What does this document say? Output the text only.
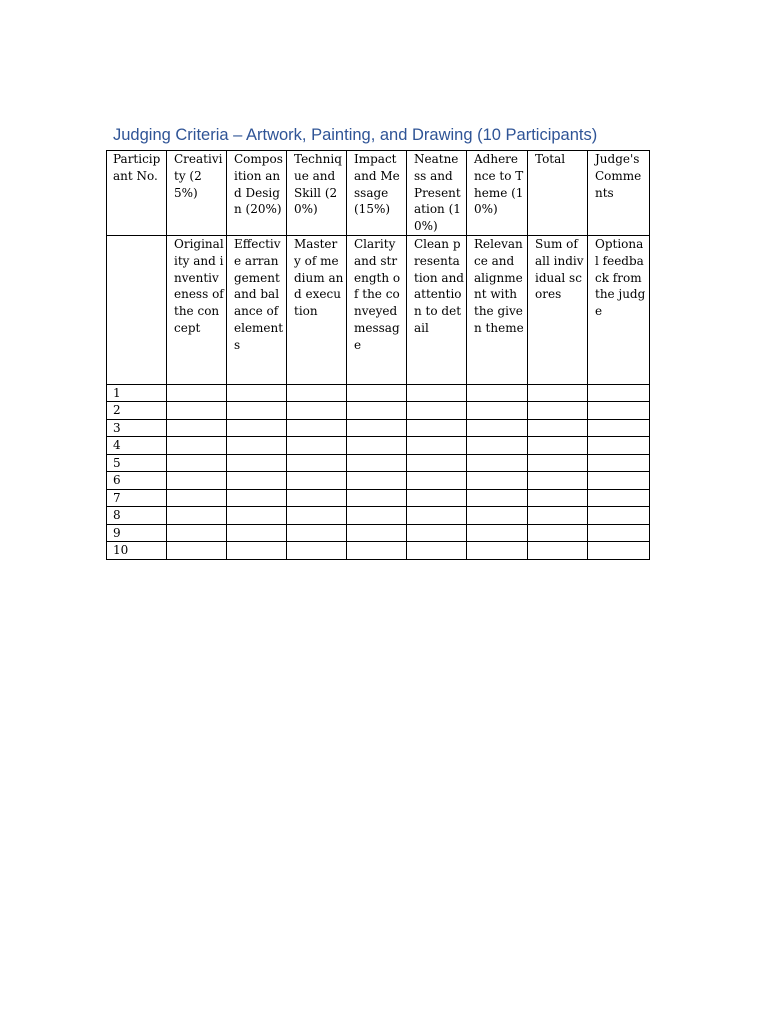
Judging Criteria – Artwork, Painting, and Drawing (10 Participants)
Participant No.	Creativity (25%)	Composition and Design (20%)	Technique and Skill (20%)	Impact and Message (15%)	Neatness and Presentation (10%)	Adherence to Theme (10%)	Total	Judge's Comments
	Originality and inventiveness of the concept	Effective arrangement and balance of elements	Mastery of medium and execution	Clarity and strength of the conveyed message	Clean presentation and attention to detail	Relevance and alignment with the given theme	Sum of all individual scores	Optional feedback from the judge
1								
2								
3								
4								
5								
6								
7								
8								
9								
10								
